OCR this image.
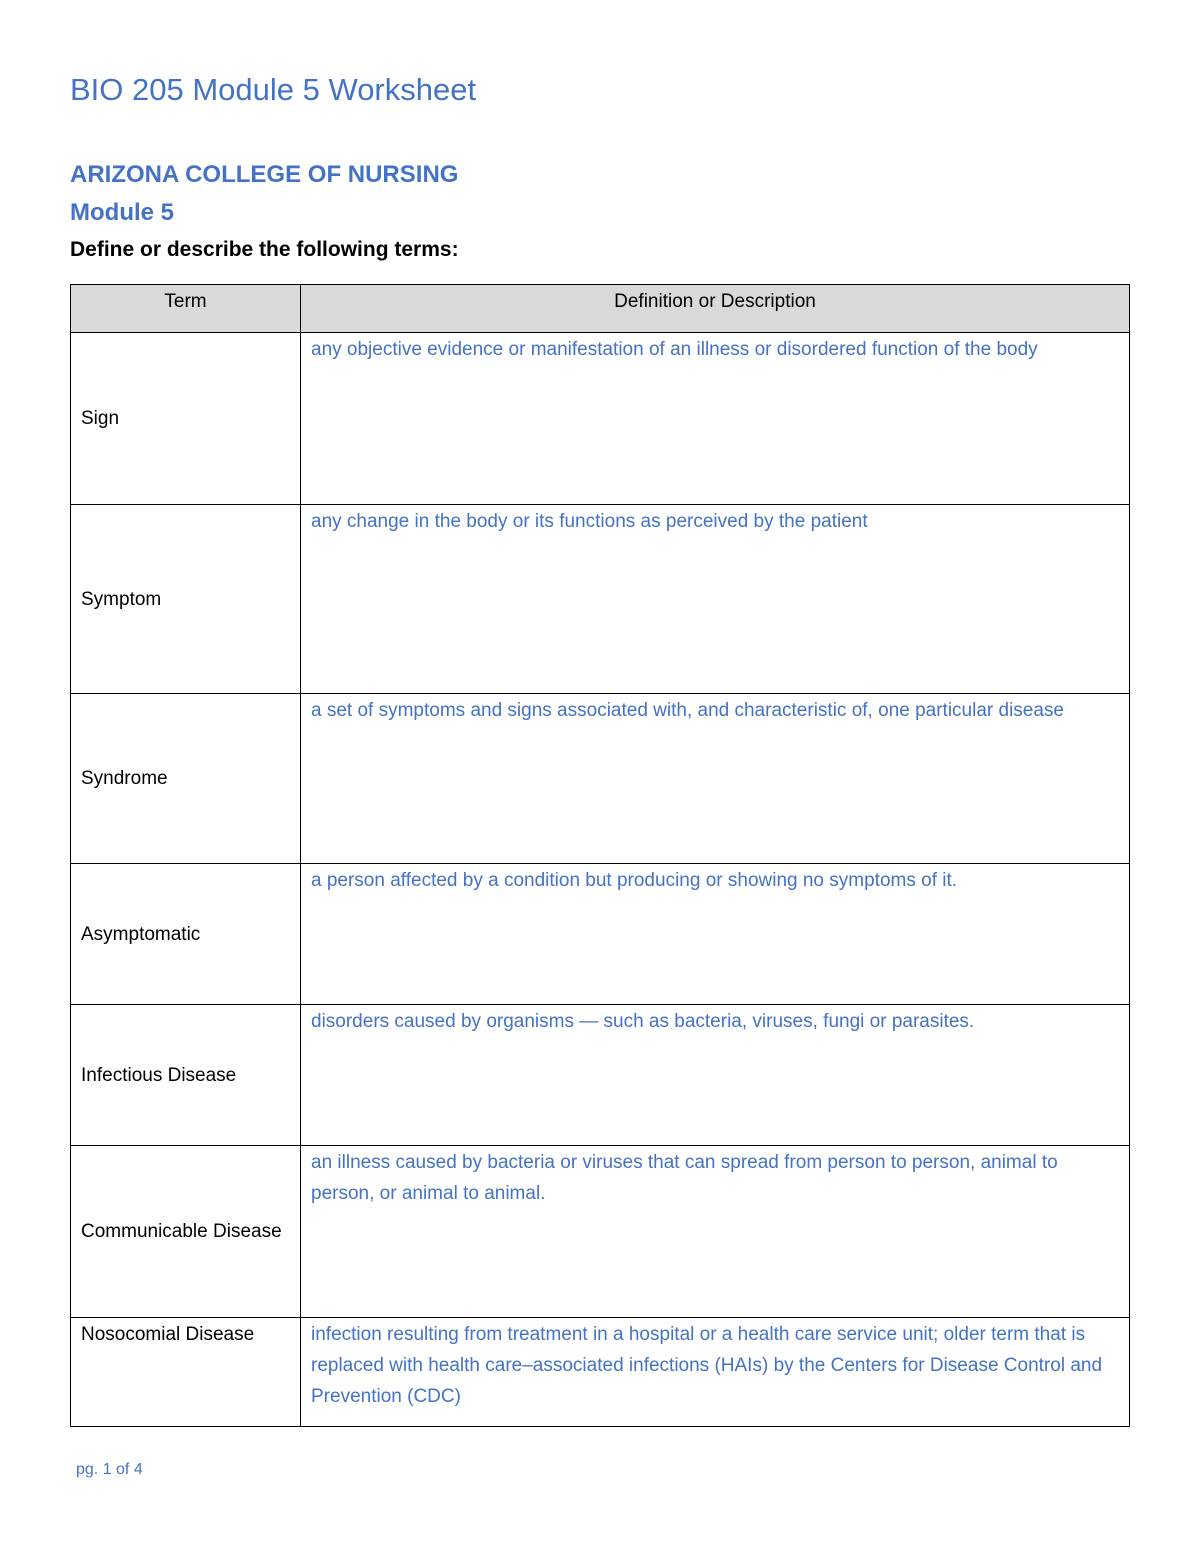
BIO 205 Module 5 Worksheet
ARIZONA COLLEGE OF NURSING
Module 5

Define or describe the following terms:

Term	Definition or Description
Sign	any objective evidence or manifestation of an illness or disordered function of the body
Symptom	any change in the body or its functions as perceived by the patient
Syndrome	a set of symptoms and signs associated with, and characteristic of, one particular disease
Asymptomatic	a person affected by a condition but producing or showing no symptoms of it.
Infectious Disease	disorders caused by organisms — such as bacteria, viruses, fungi or parasites.
Communicable Disease	an illness caused by bacteria or viruses that can spread from person to person, animal to person, or animal to animal.
Nosocomial Disease	infection resulting from treatment in a hospital or a health care service unit; older term that is replaced with health care–associated infections (HAIs) by the Centers for Disease Control and Prevention (CDC)
pg. 1 of 4
